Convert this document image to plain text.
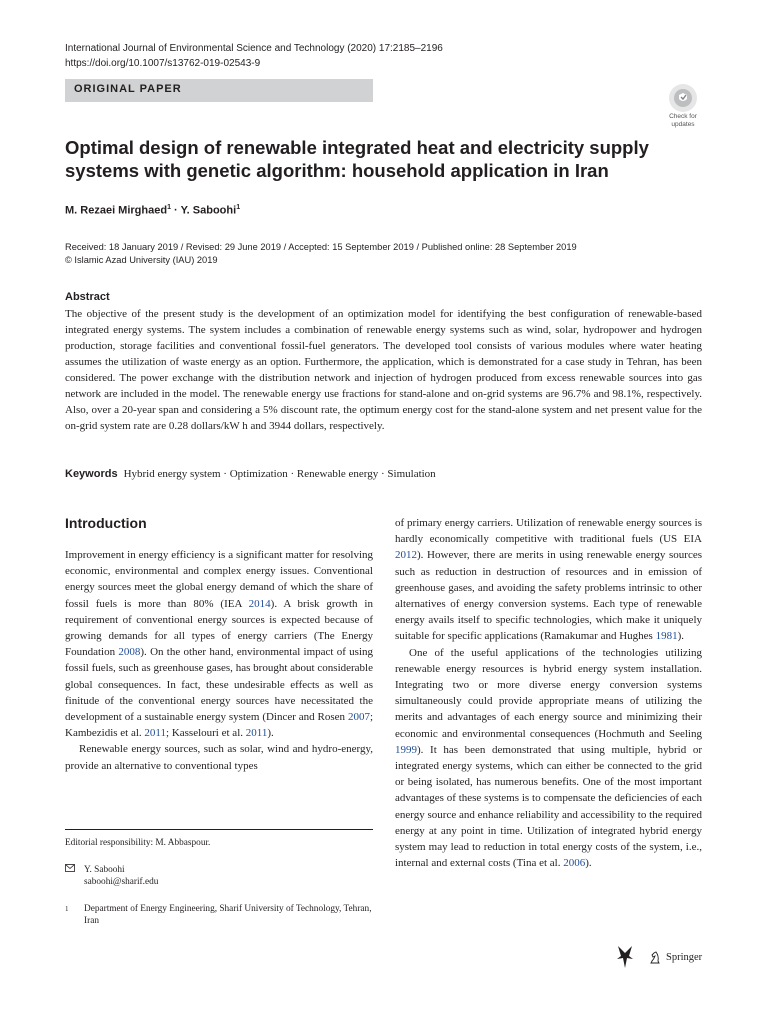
International Journal of Environmental Science and Technology (2020) 17:2185–2196
https://doi.org/10.1007/s13762-019-02543-9
ORIGINAL PAPER
Check for
updates
Optimal design of renewable integrated heat and electricity supply systems with genetic algorithm: household application in Iran
M. Rezaei Mirghaed$^1$ · Y. Saboohi$^1$
Received: 18 January 2019 / Revised: 29 June 2019 / Accepted: 15 September 2019 / Published online: 28 September 2019
© Islamic Azad University (IAU) 2019
Abstract

The objective of the present study is the development of an optimization model for identifying the best configuration of renewable-based integrated energy systems. The system includes a combination of renewable energy systems such as wind, solar, hydropower and hydrogen production, storage facilities and conventional fossil-fuel generators. The developed tool consists of various modules where water heating assumes the utilization of waste energy as an option. Furthermore, the application, which is demonstrated for a case study in Tehran, has been considered. The power exchange with the distribution network and injection of hydrogen produced from excess renewable sources into gas network are included in the model. The renewable energy use fractions for stand-alone and on-grid systems are 96.7% and 98.1%, respectively. Also, over a 20-year span and considering a 5% discount rate, the optimum energy cost for the stand-alone system and net present value for the on-grid system rate are 0.28 dollars/kW h and 3944 dollars, respectively.

Keywords Hybrid energy system · Optimization · Renewable energy · Simulation
Introduction

Improvement in energy efficiency is a significant matter for resolving economic, environmental and complex energy issues. Conventional energy sources meet the global energy demand of which the share of fossil fuels is more than 80% (IEA 2014). A brisk growth in requirement of conventional energy sources is expected because of growing demands for all types of energy carriers (The Energy Foundation 2008). On the other hand, environmental impact of using fossil fuels, such as greenhouse gases, has brought about considerable global consequences. In fact, these undesirable effects as well as finitude of the conventional energy sources have necessitated the development of a sustainable energy system (Dincer and Rosen 2007; Kambezidis et al. 2011; Kasselouri et al. 2011).

Renewable energy sources, such as solar, wind and hydro-energy, provide an alternative to conventional types

of primary energy carriers. Utilization of renewable energy sources is hardly economically competitive with traditional fuels (US EIA 2012). However, there are merits in using renewable energy sources such as reduction in destruction of resources and in emission of greenhouse gases, and avoiding the safety problems intrinsic to other alternatives of energy conversion systems. Each type of renewable energy avails itself to specific technologies, which make it uniquely suitable for specific applications (Ramakumar and Hughes 1981).

One of the useful applications of the technologies utilizing renewable energy resources is hybrid energy system installation. Integrating two or more diverse energy conversion systems simultaneously could provide appropriate means of utilizing the merits and advantages of each energy source and minimizing their economic and environmental consequences (Hochmuth and Seeling 1999). It has been demonstrated that using multiple, hybrid or integrated energy systems, which can either be connected to the grid or being isolated, has numerous benefits. One of the most important advantages of these systems is to compensate the deficiencies of each energy source and enhance reliability and accessibility to the required energy at any point in time. Utilization of integrated hybrid energy system may lead to reduction in total energy costs of the system, i.e., internal and external costs (Tina et al. 2006).

Editorial responsibility: M. Abbaspour.
Y. Saboohi
saboohi@sharif.edu
$^1$	Department of Energy Engineering, Sharif University of Technology, Tehran, Iran
Springer
